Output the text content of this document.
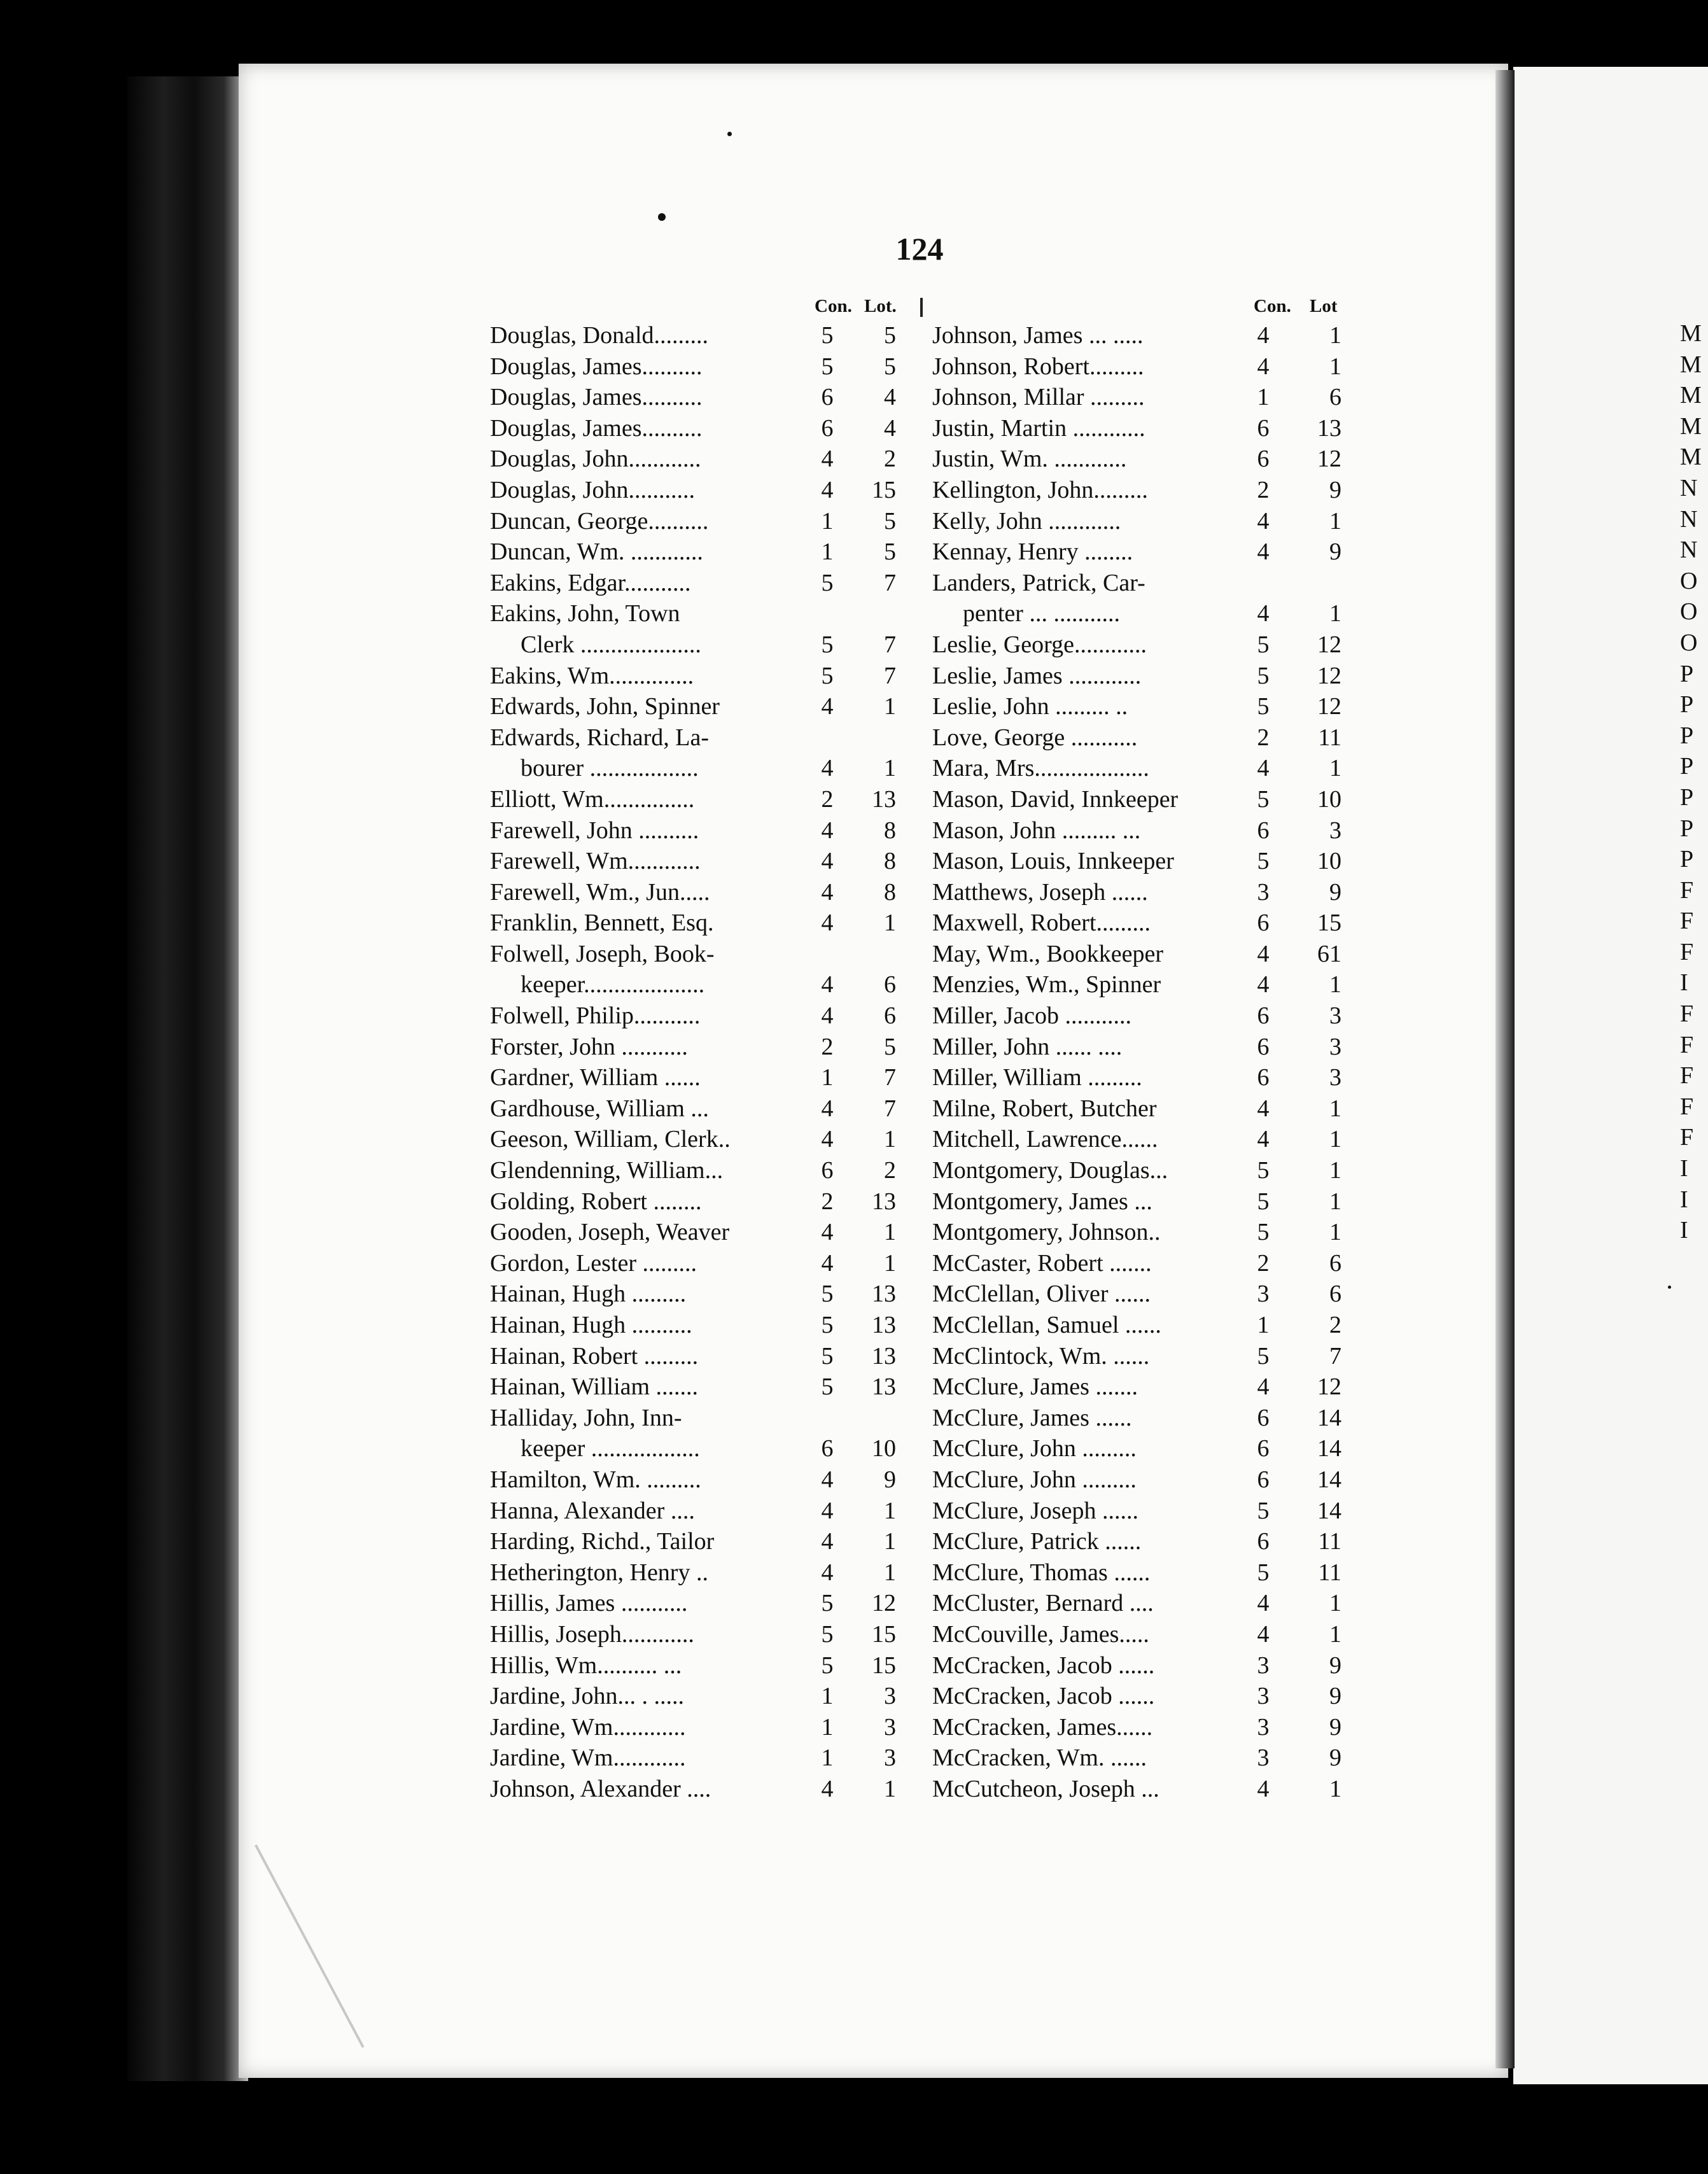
124
Con. Lot.
Douglas, Donald.........	5	5
Douglas, James..........	5	5
Douglas, James..........	6	4
Douglas, James..........	6	4
Douglas, John............	4	2
Douglas, John...........	4	15
Duncan, George..........	1	5
Duncan, Wm. ............	1	5
Eakins, Edgar...........	5	7
Eakins, John, Town
Clerk ....................	5	7
Eakins, Wm..............	5	7
Edwards, John, Spinner	4	1
Edwards, Richard, La-
bourer ..................	4	1
Elliott, Wm...............	2	13
Farewell, John ..........	4	8
Farewell, Wm............	4	8
Farewell, Wm., Jun.....	4	8
Franklin, Bennett, Esq.	4	1
Folwell, Joseph, Book-
keeper....................	4	6
Folwell, Philip...........	4	6
Forster, John ...........	2	5
Gardner, William ......	1	7
Gardhouse, William ...	4	7
Geeson, William, Clerk..	4	1
Glendenning, William...	6	2
Golding, Robert ........	2	13
Gooden, Joseph, Weaver	4	1
Gordon, Lester .........	4	1
Hainan, Hugh .........	5	13
Hainan, Hugh ..........	5	13
Hainan, Robert .........	5	13
Hainan, William .......	5	13
Halliday, John, Inn-
keeper ..................	6	10
Hamilton, Wm. .........	4	9
Hanna, Alexander ....	4	1
Harding, Richd., Tailor	4	1
Hetherington, Henry ..	4	1
Hillis, James ...........	5	12
Hillis, Joseph............	5	15
Hillis, Wm.......... ...	5	15
Jardine, John... . .....	1	3
Jardine, Wm............	1	3
Jardine, Wm............	1	3
Johnson, Alexander ....	4	1
Con. Lot
Johnson, James ... .....	4	1
Johnson, Robert.........	4	1
Johnson, Millar .........	1	6
Justin, Martin ............	6	13
Justin, Wm. ............	6	12
Kellington, John.........	2	9
Kelly, John ............	4	1
Kennay, Henry ........	4	9
Landers, Patrick, Car-
penter ... ...........	4	1
Leslie, George............	5	12
Leslie, James ............	5	12
Leslie, John ......... ..	5	12
Love, George ...........	2	11
Mara, Mrs...................	4	1
Mason, David, Innkeeper	5	10
Mason, John ......... ...	6	3
Mason, Louis, Innkeeper	5	10
Matthews, Joseph ......	3	9
Maxwell, Robert.........	6	15
May, Wm., Bookkeeper	4	61
Menzies, Wm., Spinner	4	1
Miller, Jacob ...........	6	3
Miller, John ...... ....	6	3
Miller, William .........	6	3
Milne, Robert, Butcher	4	1
Mitchell, Lawrence......	4	1
Montgomery, Douglas...	5	1
Montgomery, James ...	5	1
Montgomery, Johnson..	5	1
McCaster, Robert .......	2	6
McClellan, Oliver ......	3	6
McClellan, Samuel ......	1	2
McClintock, Wm. ......	5	7
McClure, James .......	4	12
McClure, James ......	6	14
McClure, John .........	6	14
McClure, John .........	6	14
McClure, Joseph ......	5	14
McClure, Patrick ......	6	11
McClure, Thomas ......	5	11
McCluster, Bernard ....	4	1
McCouville, James.....	4	1
McCracken, Jacob ......	3	9
McCracken, Jacob ......	3	9
McCracken, James......	3	9
McCracken, Wm. ......	3	9
McCutcheon, Joseph ...	4	1
M
M
M
M
M
N
N
N
O
O
O
P
P
P
P
P
P
P
F
F
F
I
F
F
F
F
F
I
I
I
